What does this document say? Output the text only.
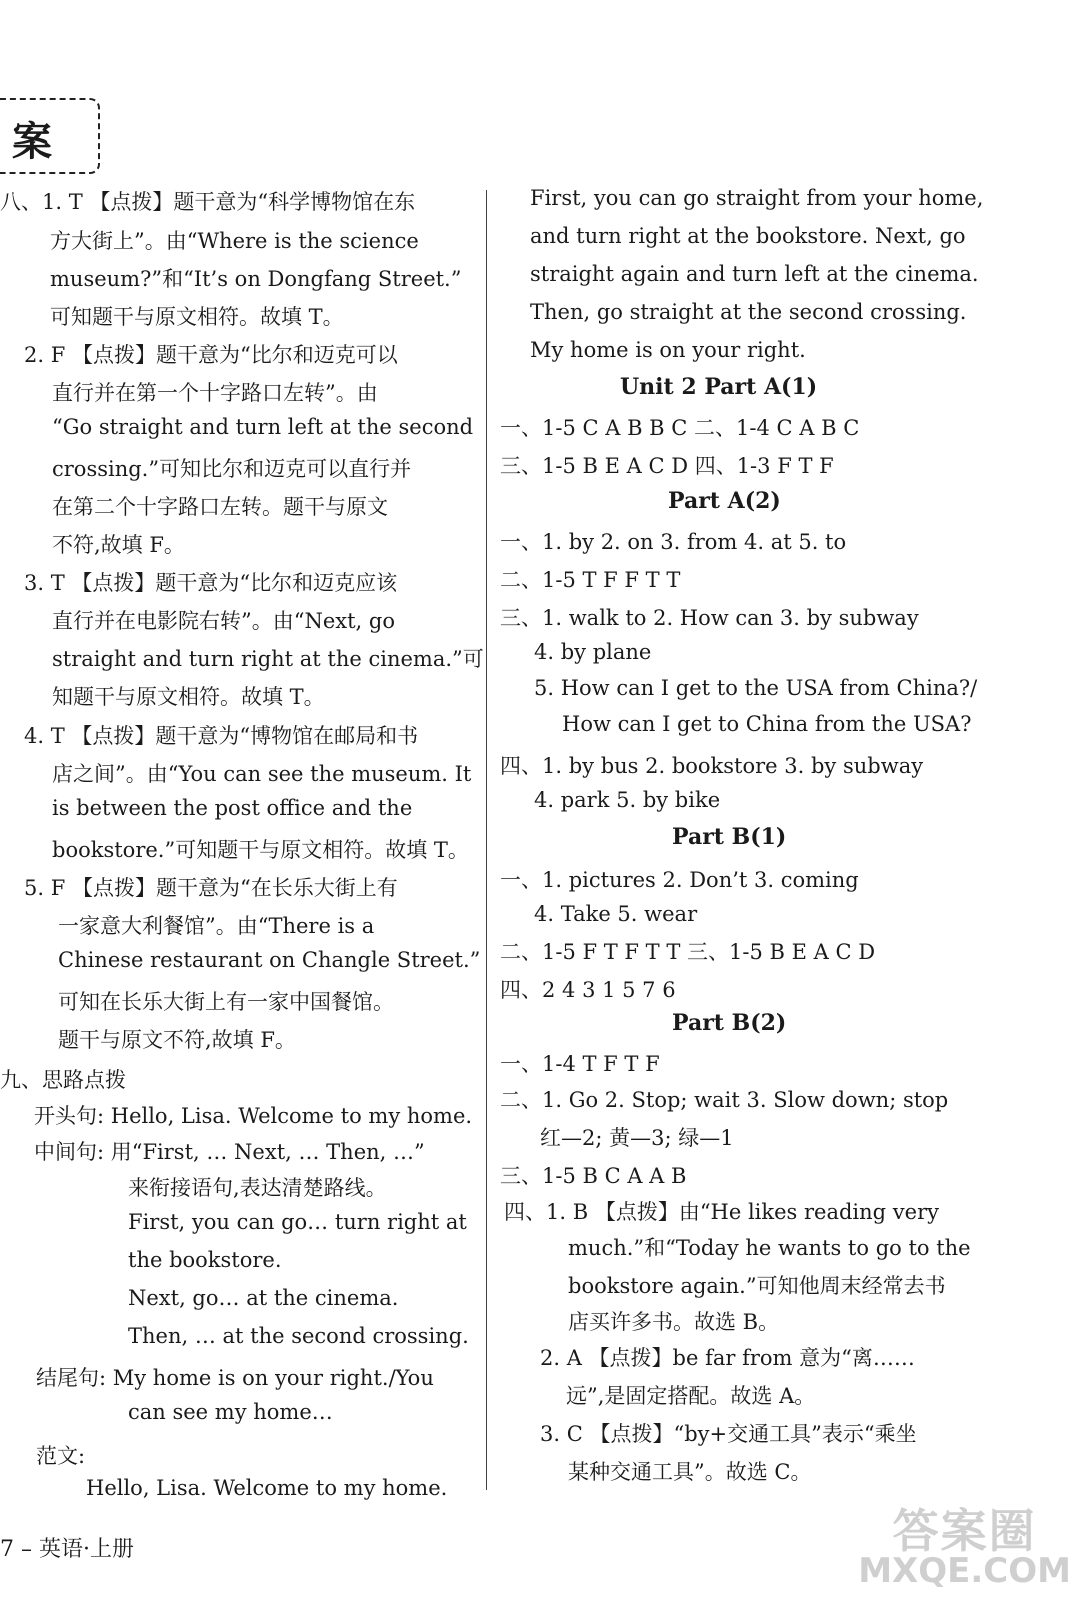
案
八、1. T 【点拨】题干意为“科学博物馆在东
方大街上”。由“Where is the science
museum?”和“It’s on Dongfang Street.”
可知题干与原文相符。故填 T。
2. F 【点拨】题干意为“比尔和迈克可以
直行并在第一个十字路口左转”。由
“Go straight and turn left at the second
crossing.”可知比尔和迈克可以直行并
在第二个十字路口左转。题干与原文
不符,故填 F。
3. T 【点拨】题干意为“比尔和迈克应该
直行并在电影院右转”。由“Next, go
straight and turn right at the cinema.”可
知题干与原文相符。故填 T。
4. T 【点拨】题干意为“博物馆在邮局和书
店之间”。由“You can see the museum. It
is between the post office and the
bookstore.”可知题干与原文相符。故填 T。
5. F 【点拨】题干意为“在长乐大街上有
一家意大利餐馆”。由“There is a
Chinese restaurant on Changle Street.”
可知在长乐大街上有一家中国餐馆。
题干与原文不符,故填 F。
九、思路点拨
开头句: Hello, Lisa. Welcome to my home.
中间句: 用“First, … Next, … Then, …”
来衔接语句,表达清楚路线。
First, you can go… turn right at
the bookstore.
Next, go… at the cinema.
Then, … at the second crossing.
结尾句: My home is on your right./You
can see my home…
范文:
Hello, Lisa. Welcome to my home.
First, you can go straight from your home,
and turn right at the bookstore. Next, go
straight again and turn left at the cinema.
Then, go straight at the second crossing.
My home is on your right.
Unit 2 Part A(1)
一、1-5 C A B B C 二、1-4 C A B C
三、1-5 B E A C D 四、1-3 F T F
Part A(2)
一、1. by 2. on 3. from 4. at 5. to
二、1-5 T F F T T
三、1. walk to 2. How can 3. by subway
4. by plane
5. How can I get to the USA from China?/
How can I get to China from the USA?
四、1. by bus 2. bookstore 3. by subway
4. park 5. by bike
Part B(1)
一、1. pictures 2. Don’t 3. coming
4. Take 5. wear
二、1-5 F T F T T 三、1-5 B E A C D
四、2 4 3 1 5 7 6
Part B(2)
一、1-4 T F T F
二、1. Go 2. Stop; wait 3. Slow down; stop
红—2; 黄—3; 绿—1
三、1-5 B C A A B
四、1. B 【点拨】由“He likes reading very
much.”和“Today he wants to go to the
bookstore again.”可知他周末经常去书
店买许多书。故选 B。
2. A 【点拨】be far from 意为“离……
远”,是固定搭配。故选 A。
3. C 【点拨】“by+交通工具”表示“乘坐
某种交通工具”。故选 C。
7 – 英语·上册	答案圈
MXQE.COM
